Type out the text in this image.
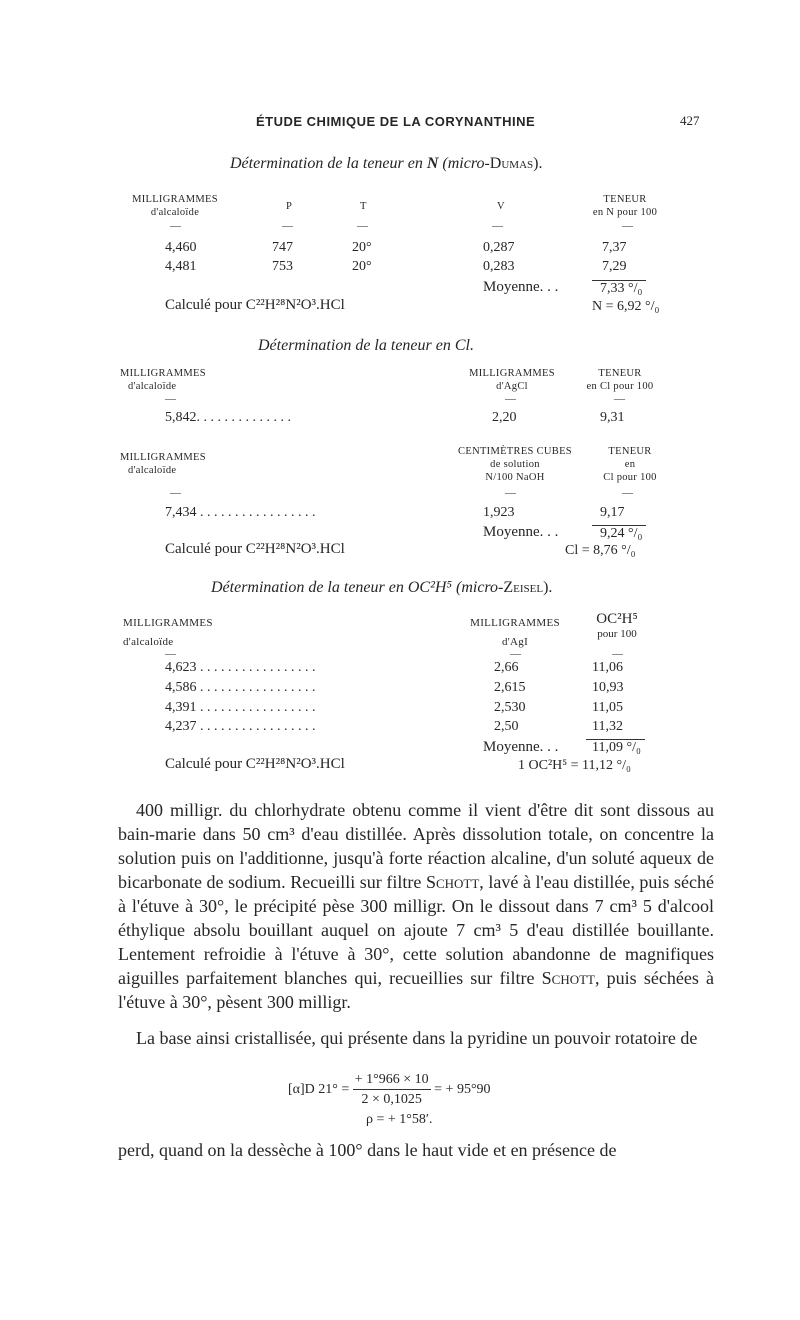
ÉTUDE CHIMIQUE DE LA CORYNANTHINE	427
Détermination de la teneur en N (micro-Dumas).
MILLIGRAMMES
d'alcaloïde
P	T	V
TENEUR
en N pour 100
—	—	—	—	—
4,460	747	20°	0,287	7,37
4,481	753	20°	0,283	7,29
Moyenne. . .	7,33 °/₀
Calculé pour C²²H²⁸N²O³.HCl	N = 6,92 °/₀
Détermination de la teneur en Cl.
MILLIGRAMMES
d'alcaloïde
MILLIGRAMMES
d'AgCl
TENEUR
en Cl pour 100
—	—	—
5,842. . . . . . . . . . . . . .	2,20	9,31
MILLIGRAMMES
d'alcaloïde
CENTIMÈTRES CUBES
de solution
N/100 NaOH
TENEUR
en
Cl pour 100
—	—	—
7,434 . . . . . . . . . . . . . . . . .	1,923	9,17
Moyenne. . .	9,24 °/₀
Calculé pour C²²H²⁸N²O³.HCl	Cl = 8,76 °/₀
Détermination de la teneur en OC²H⁵ (micro-Zeisel).
MILLIGRAMMES
d'alcaloïde
MILLIGRAMMES
d'AgI
OC²H⁵
pour 100
—	—	—
4,623 . . . . . . . . . . . . . . . . .	2,66	11,06
4,586 . . . . . . . . . . . . . . . . .	2,615	10,93
4,391 . . . . . . . . . . . . . . . . .	2,530	11,05
4,237 . . . . . . . . . . . . . . . . .	2,50	11,32
Moyenne. . .	11,09 °/₀
Calculé pour C²²H²⁸N²O³.HCl	1 OC²H⁵ = 11,12 °/₀
400 milligr. du chlorhydrate obtenu comme il vient d'être dit sont dissous au bain-marie dans 50 cm³ d'eau distillée. Après dissolution totale, on concentre la solution puis on l'additionne, jusqu'à forte réaction alcaline, d'un soluté aqueux de bicarbonate de sodium. Recueilli sur filtre Schott, lavé à l'eau distillée, puis séché à l'étuve à 30°, le précipité pèse 300 milligr. On le dissout dans 7 cm³ 5 d'alcool éthylique absolu bouillant auquel on ajoute 7 cm³ 5 d'eau distillée bouillante. Lentement refroidie à l'étuve à 30°, cette solution abandonne de magnifiques aiguilles parfaitement blanches qui, recueillies sur filtre Schott, puis séchées à l'étuve à 30°, pèsent 300 milligr.
La base ainsi cristallisée, qui présente dans la pyridine un pouvoir rotatoire de
[α]D $21^\circ = \frac{+ 1^\circ 966 \times 10}{2 \times 0,1025}$ = + 95°90
ρ = + 1°58′.
perd, quand on la dessèche à 100° dans le haut vide et en présence de
